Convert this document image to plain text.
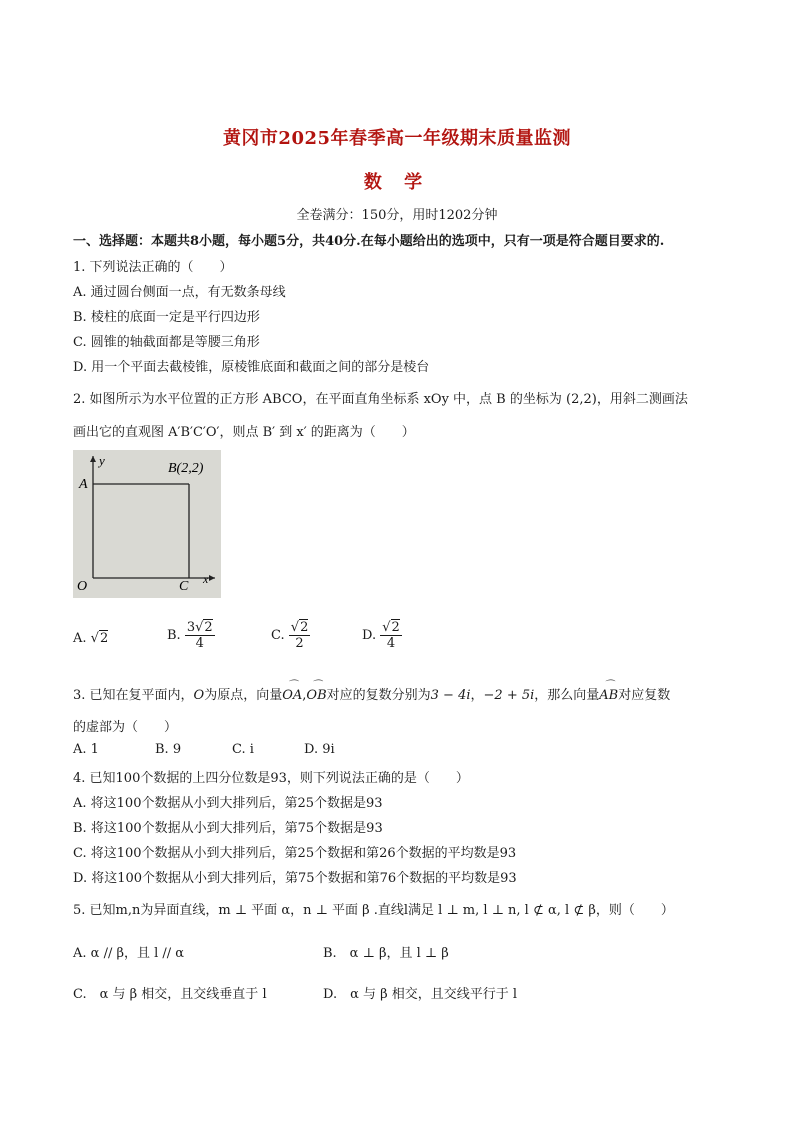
黄冈市2025年春季高一年级期末质量监测
数 学
全卷满分：150分，用时1202分钟
一、选择题：本题共8小题，每小题5分，共40分.在每小题给出的选项中，只有一项是符合题目要求的.
1. 下列说法正确的（　　）
A. 通过圆台侧面一点，有无数条母线
B. 棱柱的底面一定是平行四边形
C. 圆锥的轴截面都是等腰三角形
D. 用一个平面去截棱锥，原棱锥底面和截面之间的部分是棱台
2. 如图所示为水平位置的正方形 ABCO，在平面直角坐标系 xOy 中，点 B 的坐标为 (2,2)，用斜二测画法
画出它的直观图 A′B′C′O′，则点 B′ 到 x′ 的距离为（　　）
y
A
B(2,2)
O	C x
A. √2	B. $\frac{3√2}{4}$	C. $\frac{√2}{2}$	D. $\frac{√2}{4}$
3. 已知在复平面内，O为原点，向量⌒ OA,⌒ OB对应的复数分别为3 − 4i，−2 + 5i，那么向量⌒ AB对应复数
的虚部为（　　）
A. 1	B. 9	C. i	D. 9i
4. 已知100个数据的上四分位数是93，则下列说法正确的是（　　）
A. 将这100个数据从小到大排列后，第25个数据是93
B. 将这100个数据从小到大排列后，第75个数据是93
C. 将这100个数据从小到大排列后，第25个数据和第26个数据的平均数是93
D. 将这100个数据从小到大排列后，第75个数据和第76个数据的平均数是93
5. 已知m,n为异面直线，m ⊥ 平面 α，n ⊥ 平面 β .直线l满足 l ⊥ m, l ⊥ n, l ⊄ α, l ⊄ β，则（　　）
A. α // β，且 l // α	B.　α ⊥ β，且 l ⊥ β
C.　α 与 β 相交，且交线垂直于 l	D.　α 与 β 相交，且交线平行于 l
